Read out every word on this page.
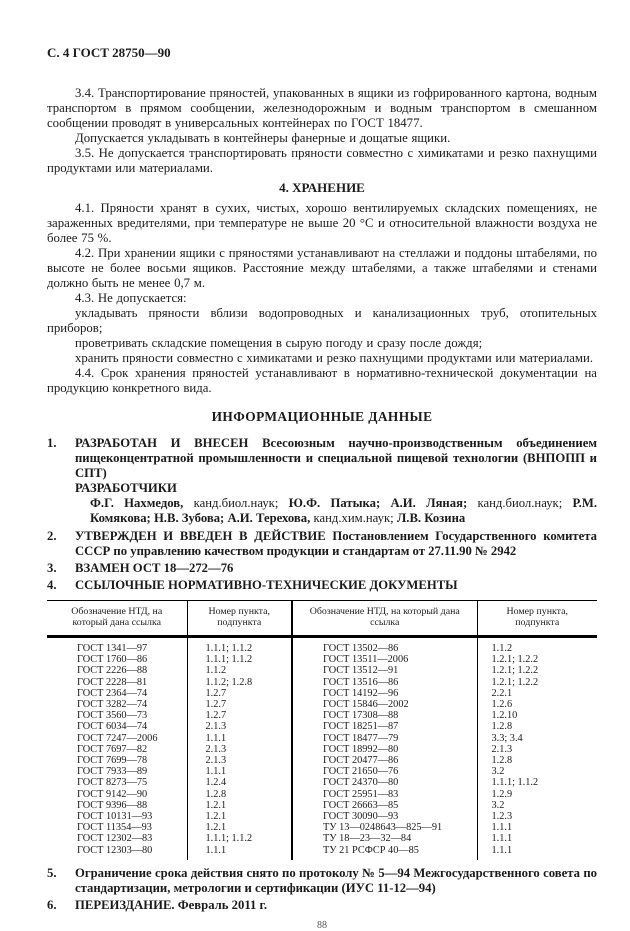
С. 4 ГОСТ 28750—90

3.4. Транспортирование пряностей, упакованных в ящики из гофрированного картона, водным транспортом в прямом сообщении, железнодорожным и водным транспортом в смешанном сообщении проводят в универсальных контейнерах по ГОСТ 18477.

Допускается укладывать в контейнеры фанерные и дощатые ящики.

3.5. Не допускается транспортировать пряности совместно с химикатами и резко пахнущими продуктами или материалами.

4. ХРАНЕНИЕ

4.1. Пряности хранят в сухих, чистых, хорошо вентилируемых складских помещениях, не зараженных вредителями, при температуре не выше 20 °С и относительной влажности воздуха не более 75 %.

4.2. При хранении ящики с пряностями устанавливают на стеллажи и поддоны штабелями, по высоте не более восьми ящиков. Расстояние между штабелями, а также штабелями и стенами должно быть не менее 0,7 м.

4.3. Не допускается:

укладывать пряности вблизи водопроводных и канализационных труб, отопительных приборов;

проветривать складские помещения в сырую погоду и сразу после дождя;

хранить пряности совместно с химикатами и резко пахнущими продуктами или материалами.

4.4. Срок хранения пряностей устанавливают в нормативно-технической документации на продукцию конкретного вида.

ИНФОРМАЦИОННЫЕ ДАННЫЕ
1. РАЗРАБОТАН И ВНЕСЕН Всесоюзным научно-производственным объединением пищеконцентратной промышленности и специальной пищевой технологии (ВНПОПП и СПТ)
РАЗРАБОТЧИКИ
Ф.Г. Нахмедов, канд.биол.наук; Ю.Ф. Патыка; А.И. Ляная; канд.биол.наук; Р.М. Комякова; Н.В. Зубова; А.И. Терехова, канд.хим.наук; Л.В. Козина
2. УТВЕРЖДЕН И ВВЕДЕН В ДЕЙСТВИЕ Постановлением Государственного комитета СССР по управлению качеством продукции и стандартам от 27.11.90 № 2942
3. ВЗАМЕН ОСТ 18—272—76
4. ССЫЛОЧНЫЕ НОРМАТИВНО-ТЕХНИЧЕСКИЕ ДОКУМЕНТЫ
Обозначение НТД, на который дана ссылка	Номер пункта, подпункта	Обозначение НТД, на который дана ссылка	Номер пункта, подпункта
ГОСТ 1341—97	1.1.1; 1.1.2	ГОСТ 13502—86	1.1.2
ГОСТ 1760—86	1.1.1; 1.1.2	ГОСТ 13511—2006	1.2.1; 1.2.2
ГОСТ 2226—88	1.1.2	ГОСТ 13512—91	1.2.1; 1.2.2
ГОСТ 2228—81	1.1.2; 1.2.8	ГОСТ 13516—86	1.2.1; 1.2.2
ГОСТ 2364—74	1.2.7	ГОСТ 14192—96	2.2.1
ГОСТ 3282—74	1.2.7	ГОСТ 15846—2002	1.2.6
ГОСТ 3560—73	1.2.7	ГОСТ 17308—88	1.2.10
ГОСТ 6034—74	2.1.3	ГОСТ 18251—87	1.2.8
ГОСТ 7247—2006	1.1.1	ГОСТ 18477—79	3.3; 3.4
ГОСТ 7697—82	2.1.3	ГОСТ 18992—80	2.1.3
ГОСТ 7699—78	2.1.3	ГОСТ 20477—86	1.2.8
ГОСТ 7933—89	1.1.1	ГОСТ 21650—76	3.2
ГОСТ 8273—75	1.2.4	ГОСТ 24370—80	1.1.1; 1.1.2
ГОСТ 9142—90	1.2.8	ГОСТ 25951—83	1.2.9
ГОСТ 9396—88	1.2.1	ГОСТ 26663—85	3.2
ГОСТ 10131—93	1.2.1	ГОСТ 30090—93	1.2.3
ГОСТ 11354—93	1.2.1	ТУ 13—0248643—825—91	1.1.1
ГОСТ 12302—83	1.1.1; 1.1.2	ТУ 18—23—32—84	1.1.1
ГОСТ 12303—80	1.1.1	ТУ 21 РСФСР 40—85	1.1.1
5. Ограничение срока действия снято по протоколу № 5—94 Межгосударственного совета по стандартизации, метрологии и сертификации (ИУС 11-12—94)
6. ПЕРЕИЗДАНИЕ. Февраль 2011 г.
88
